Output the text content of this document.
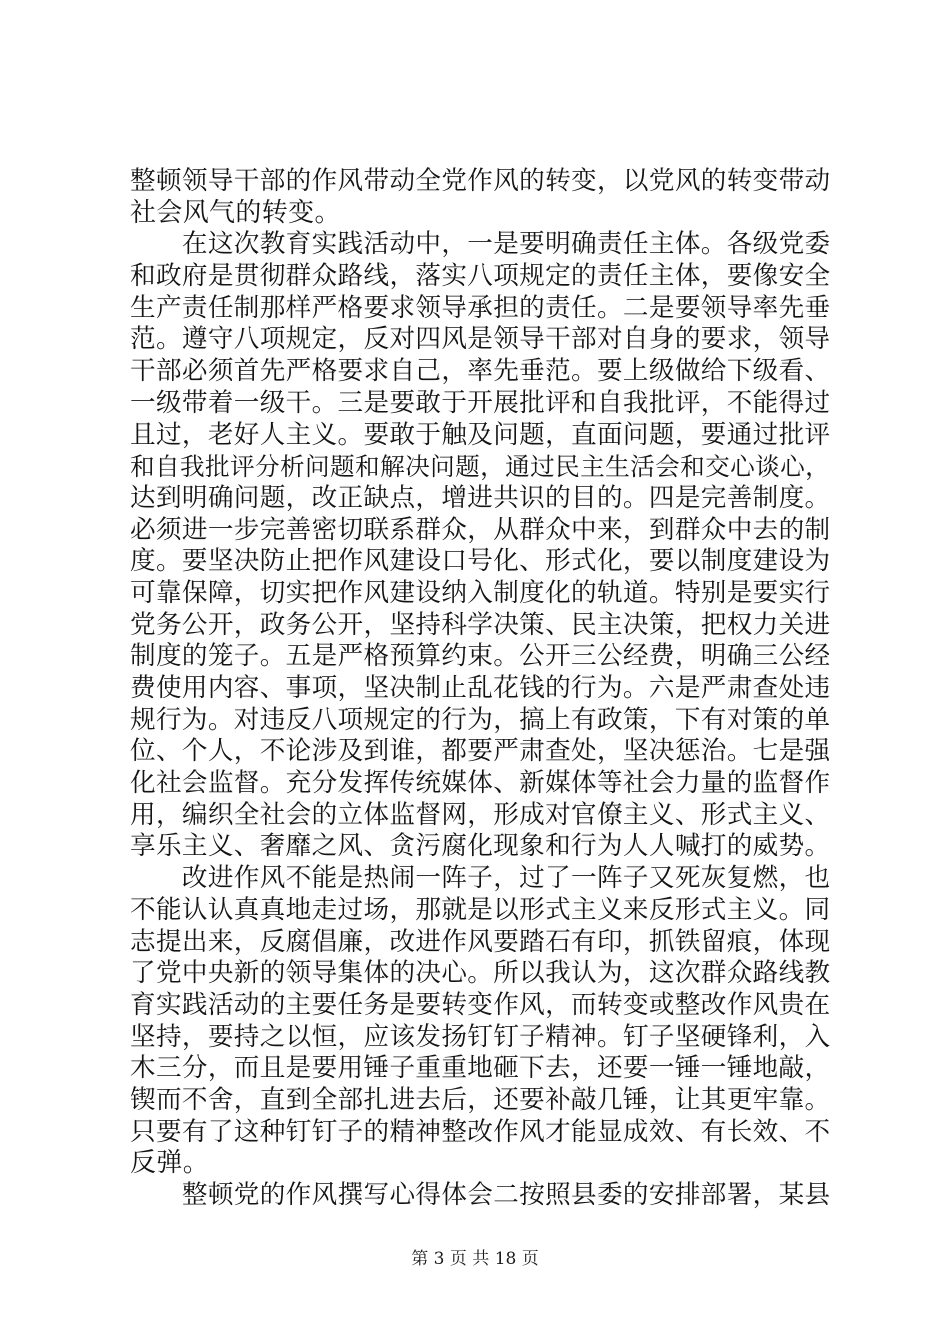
整顿领导干部的作风带动全党作风的转变，以党风的转变带动
社会风气的转变。
　　在这次教育实践活动中，一是要明确责任主体。各级党委
和政府是贯彻群众路线，落实八项规定的责任主体，要像安全
生产责任制那样严格要求领导承担的责任。二是要领导率先垂
范。遵守八项规定，反对四风是领导干部对自身的要求，领导
干部必须首先严格要求自己，率先垂范。要上级做给下级看、
一级带着一级干。三是要敢于开展批评和自我批评，不能得过
且过，老好人主义。要敢于触及问题，直面问题，要通过批评
和自我批评分析问题和解决问题，通过民主生活会和交心谈心，
达到明确问题，改正缺点，增进共识的目的。四是完善制度。
必须进一步完善密切联系群众，从群众中来，到群众中去的制
度。要坚决防止把作风建设口号化、形式化，要以制度建设为
可靠保障，切实把作风建设纳入制度化的轨道。特别是要实行
党务公开，政务公开，坚持科学决策、民主决策，把权力关进
制度的笼子。五是严格预算约束。公开三公经费，明确三公经
费使用内容、事项，坚决制止乱花钱的行为。六是严肃查处违
规行为。对违反八项规定的行为，搞上有政策，下有对策的单
位、个人，不论涉及到谁，都要严肃查处，坚决惩治。七是强
化社会监督。充分发挥传统媒体、新媒体等社会力量的监督作
用，编织全社会的立体监督网，形成对官僚主义、形式主义、
享乐主义、奢靡之风、贪污腐化现象和行为人人喊打的威势。
　　改进作风不能是热闹一阵子，过了一阵子又死灰复燃，也
不能认认真真地走过场，那就是以形式主义来反形式主义。同
志提出来，反腐倡廉，改进作风要踏石有印，抓铁留痕，体现
了党中央新的领导集体的决心。所以我认为，这次群众路线教
育实践活动的主要任务是要转变作风，而转变或整改作风贵在
坚持，要持之以恒，应该发扬钉钉子精神。钉子坚硬锋利，入
木三分，而且是要用锤子重重地砸下去，还要一锤一锤地敲，
锲而不舍，直到全部扎进去后，还要补敲几锤，让其更牢靠。
只要有了这种钉钉子的精神整改作风才能显成效、有长效、不
反弹。
　　整顿党的作风撰写心得体会二按照县委的安排部署，某县
第 3 页 共 18 页
